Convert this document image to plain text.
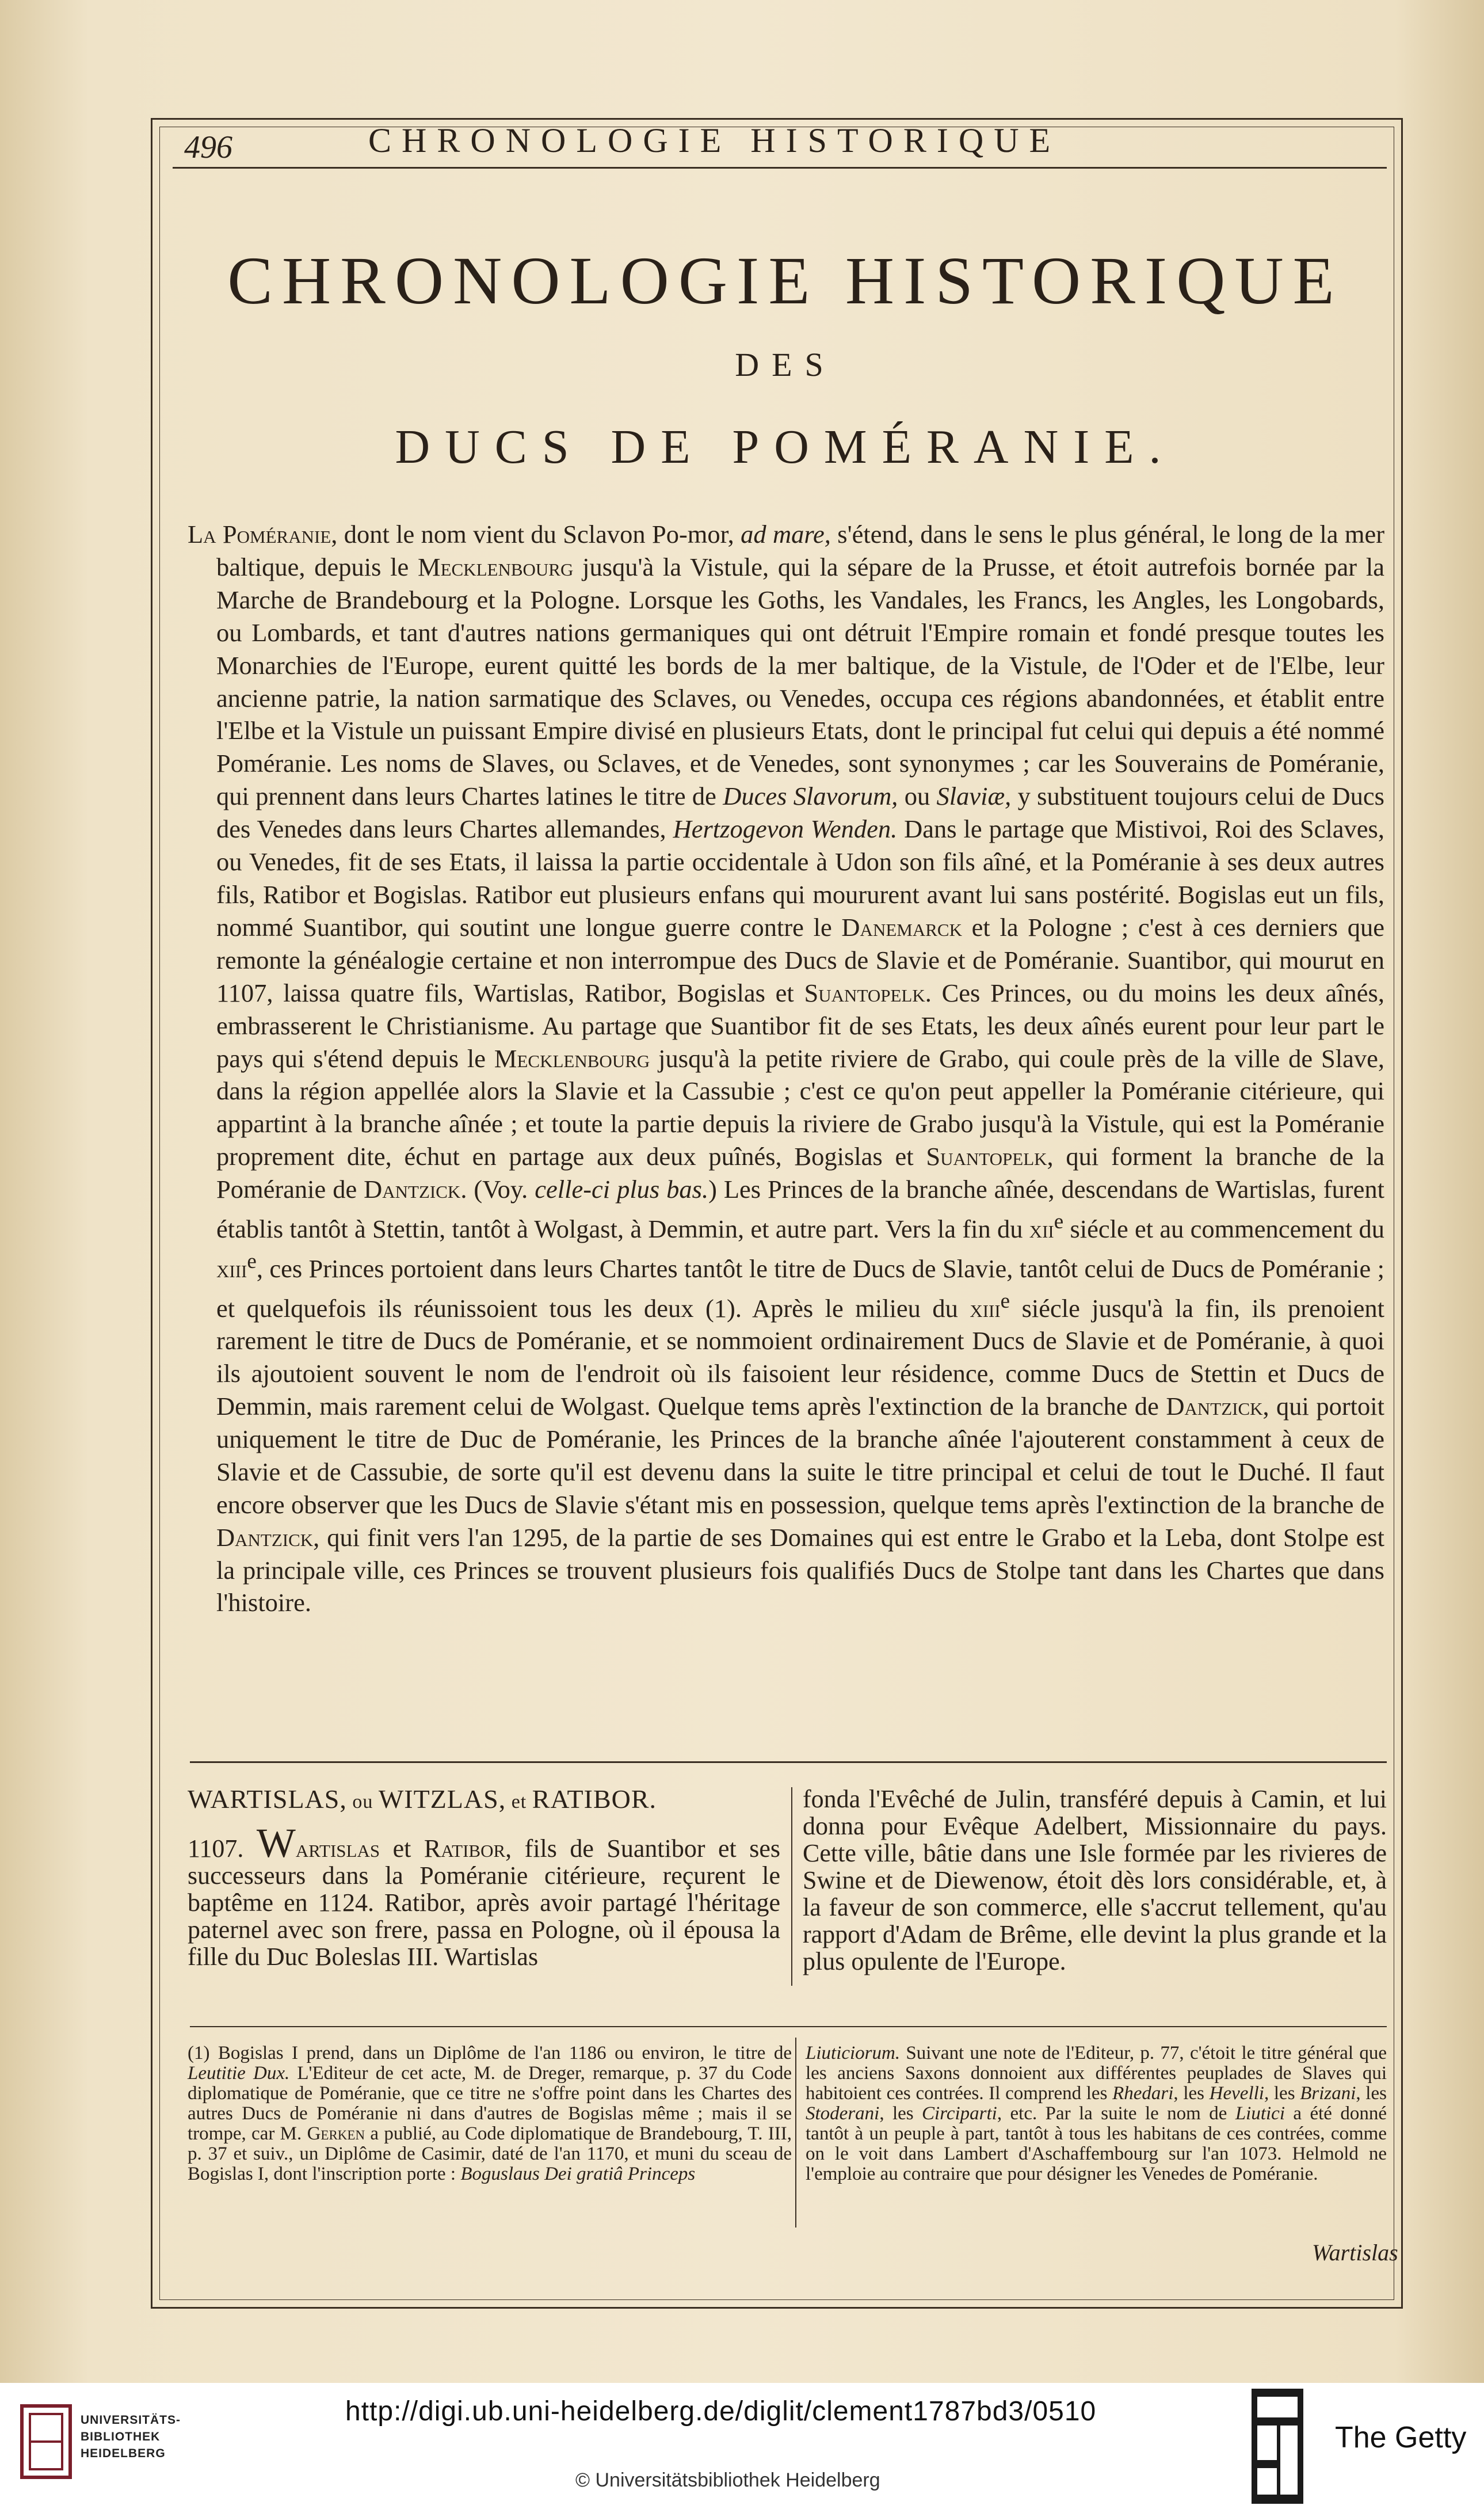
496	CHRONOLOGIE HISTORIQUE
CHRONOLOGIE HISTORIQUE
DES
DUCS DE POMÉRANIE.
La Poméranie, dont le nom vient du Sclavon Po-mor, ad mare, s'étend, dans le sens le plus général, le long de la mer baltique, depuis le Mecklenbourg jusqu'à la Vistule, qui la sépare de la Prusse, et étoit autrefois bornée par la Marche de Brandebourg et la Pologne. Lorsque les Goths, les Vandales, les Francs, les Angles, les Longobards, ou Lombards, et tant d'autres nations germaniques qui ont détruit l'Empire romain et fondé presque toutes les Monarchies de l'Europe, eurent quitté les bords de la mer baltique, de la Vistule, de l'Oder et de l'Elbe, leur ancienne patrie, la nation sarmatique des Sclaves, ou Venedes, occupa ces régions abandonnées, et établit entre l'Elbe et la Vistule un puissant Empire divisé en plusieurs Etats, dont le principal fut celui qui depuis a été nommé Poméranie. Les noms de Slaves, ou Sclaves, et de Venedes, sont synonymes ; car les Souverains de Poméranie, qui prennent dans leurs Chartes latines le titre de Duces Slavorum, ou Slaviæ, y substituent toujours celui de Ducs des Venedes dans leurs Chartes allemandes, Hertzogevon Wenden. Dans le partage que Mistivoi, Roi des Sclaves, ou Venedes, fit de ses Etats, il laissa la partie occidentale à Udon son fils aîné, et la Poméranie à ses deux autres fils, Ratibor et Bogislas. Ratibor eut plusieurs enfans qui moururent avant lui sans postérité. Bogislas eut un fils, nommé Suantibor, qui soutint une longue guerre contre le Danemarck et la Pologne ; c'est à ces derniers que remonte la généalogie certaine et non interrompue des Ducs de Slavie et de Poméranie. Suantibor, qui mourut en 1107, laissa quatre fils, Wartislas, Ratibor, Bogislas et Suantopelk. Ces Princes, ou du moins les deux aînés, embrasserent le Christianisme. Au partage que Suantibor fit de ses Etats, les deux aînés eurent pour leur part le pays qui s'étend depuis le Mecklenbourg jusqu'à la petite riviere de Grabo, qui coule près de la ville de Slave, dans la région appellée alors la Slavie et la Cassubie ; c'est ce qu'on peut appeller la Poméranie citérieure, qui appartint à la branche aînée ; et toute la partie depuis la riviere de Grabo jusqu'à la Vistule, qui est la Poméranie proprement dite, échut en partage aux deux puînés, Bogislas et Suantopelk, qui forment la branche de la Poméranie de Dantzick. (Voy. celle-ci plus bas.) Les Princes de la branche aînée, descendans de Wartislas, furent établis tantôt à Stettin, tantôt à Wolgast, à Demmin, et autre part. Vers la fin du xii$^e$ siécle et au commencement du xiii$^e$, ces Princes portoient dans leurs Chartes tantôt le titre de Ducs de Slavie, tantôt celui de Ducs de Poméranie ; et quelquefois ils réunissoient tous les deux (1). Après le milieu du xiii$^e$ siécle jusqu'à la fin, ils prenoient rarement le titre de Ducs de Poméranie, et se nommoient ordinairement Ducs de Slavie et de Poméranie, à quoi ils ajoutoient souvent le nom de l'endroit où ils faisoient leur résidence, comme Ducs de Stettin et Ducs de Demmin, mais rarement celui de Wolgast. Quelque tems après l'extinction de la branche de Dantzick, qui portoit uniquement le titre de Duc de Poméranie, les Princes de la branche aînée l'ajouterent constamment à ceux de Slavie et de Cassubie, de sorte qu'il est devenu dans la suite le titre principal et celui de tout le Duché. Il faut encore observer que les Ducs de Slavie s'étant mis en possession, quelque tems après l'extinction de la branche de Dantzick, qui finit vers l'an 1295, de la partie de ses Domaines qui est entre le Grabo et la Leba, dont Stolpe est la principale ville, ces Princes se trouvent plusieurs fois qualifiés Ducs de Stolpe tant dans les Chartes que dans l'histoire.
WARTISLAS, ou WITZLAS, et RATIBOR.
1107. Wartislas et Ratibor, fils de Suantibor et ses successeurs dans la Poméranie citérieure, reçurent le baptême en 1124. Ratibor, après avoir partagé l'héritage paternel avec son frere, passa en Pologne, où il épousa la fille du Duc Boleslas III. Wartislas
fonda l'Evêché de Julin, transféré depuis à Camin, et lui donna pour Evêque Adelbert, Missionnaire du pays. Cette ville, bâtie dans une Isle formée par les rivieres de Swine et de Diewenow, étoit dès lors considérable, et, à la faveur de son commerce, elle s'accrut tellement, qu'au rapport d'Adam de Brême, elle devint la plus grande et la plus opulente de l'Europe.
(1) Bogislas I prend, dans un Diplôme de l'an 1186 ou environ, le titre de Leutitie Dux. L'Editeur de cet acte, M. de Dreger, remarque, p. 37 du Code diplomatique de Poméranie, que ce titre ne s'offre point dans les Chartes des autres Ducs de Poméranie ni dans d'autres de Bogislas même ; mais il se trompe, car M. Gerken a publié, au Code diplomatique de Brandebourg, T. III, p. 37 et suiv., un Diplôme de Casimir, daté de l'an 1170, et muni du sceau de Bogislas I, dont l'inscription porte : Boguslaus Dei gratiâ Princeps
Liuticiorum. Suivant une note de l'Editeur, p. 77, c'étoit le titre général que les anciens Saxons donnoient aux différentes peuplades de Slaves qui habitoient ces contrées. Il comprend les Rhedari, les Hevelli, les Brizani, les Stoderani, les Circiparti, etc. Par la suite le nom de Liutici a été donné tantôt à un peuple à part, tantôt à tous les habitans de ces contrées, comme on le voit dans Lambert d'Aschaffembourg sur l'an 1073. Helmold ne l'emploie au contraire que pour désigner les Venedes de Poméranie.
Wartislas
UNIVERSITÄTS-
BIBLIOTHEK
HEIDELBERG
http://digi.ub.uni-heidelberg.de/diglit/clement1787bd3/0510
© Universitätsbibliothek Heidelberg
The Getty
